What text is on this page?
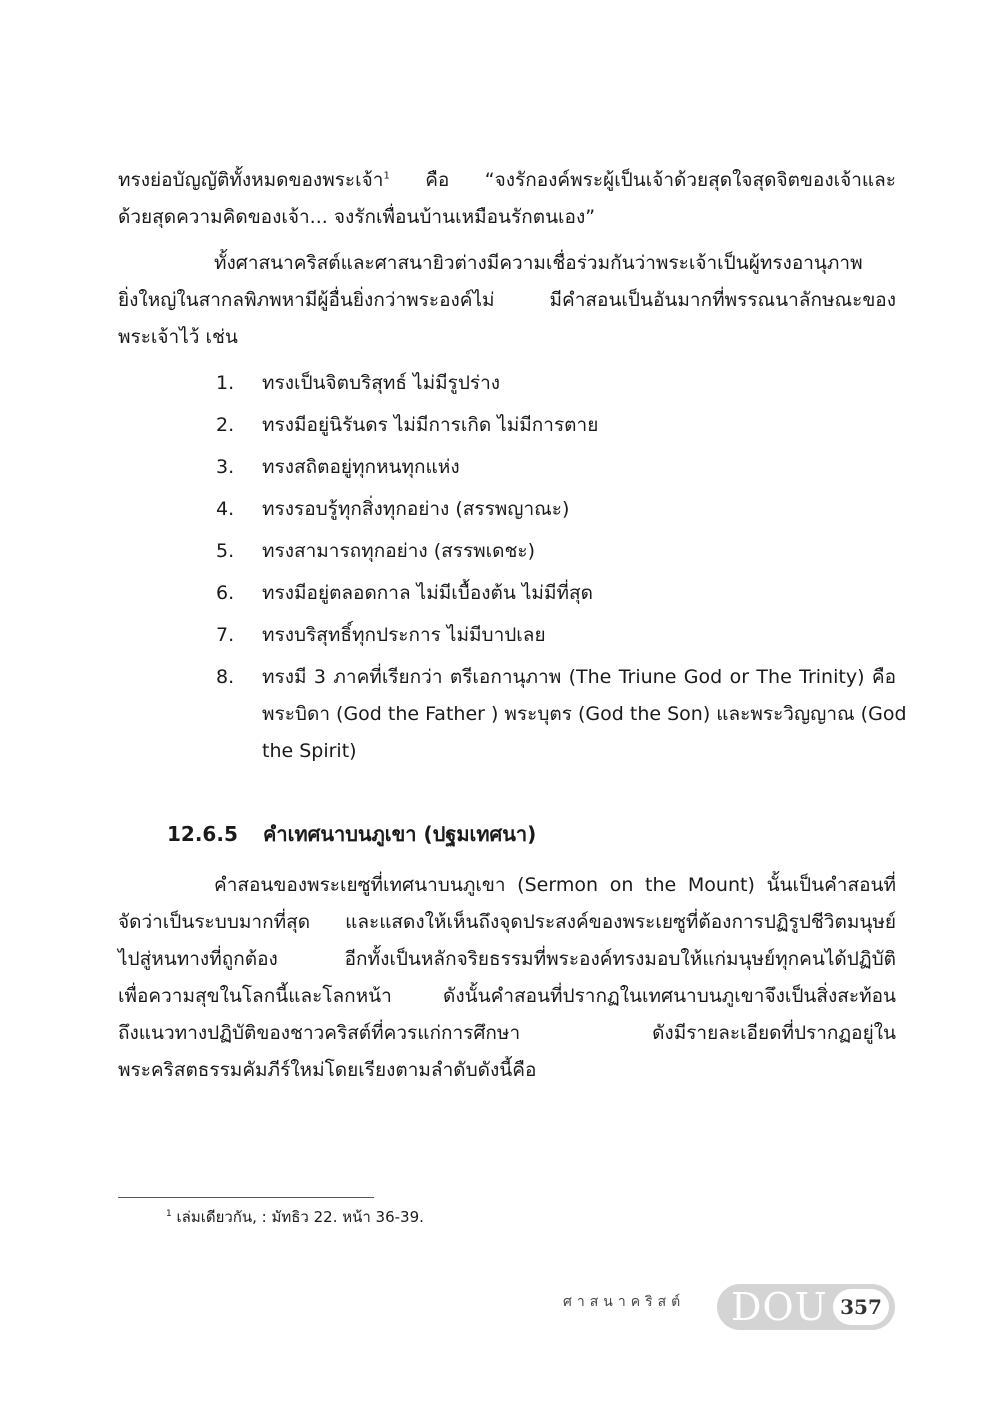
ทรงย่อบัญญัติทั้งหมดของพระเจ้า$^1$ คือ “จงรักองค์พระผู้เป็นเจ้าด้วยสุดใจสุดจิตของเจ้าและ
ด้วยสุดความคิดของเจ้า... จงรักเพื่อนบ้านเหมือนรักตนเอง”
ทั้งศาสนาคริสต์และศาสนายิวต่างมีความเชื่อร่วมกันว่าพระเจ้าเป็นผู้ทรงอานุภาพ
ยิ่งใหญ่ในสากลพิภพหามีผู้อื่นยิ่งกว่าพระองค์ไม่ มีคำสอนเป็นอันมากที่พรรณนาลักษณะของ
พระเจ้าไว้ เช่น
1. ทรงเป็นจิตบริสุทธ์ ไม่มีรูปร่าง
2. ทรงมีอยู่นิรันดร ไม่มีการเกิด ไม่มีการตาย
3. ทรงสถิตอยู่ทุกหนทุกแห่ง
4. ทรงรอบรู้ทุกสิ่งทุกอย่าง (สรรพญาณะ)
5. ทรงสามารถทุกอย่าง (สรรพเดชะ)
6. ทรงมีอยู่ตลอดกาล ไม่มีเบื้องต้น ไม่มีที่สุด
7. ทรงบริสุทธิ์ทุกประการ ไม่มีบาปเลย
8. ทรงมี 3 ภาคที่เรียกว่า ตรีเอกานุภาพ (The Triune God or The Trinity) คือ
พระบิดา (God the Father ) พระบุตร (God the Son) และพระวิญญาณ (God
the Spirit)
12.6.5 คำเทศนาบนภูเขา (ปฐมเทศนา)
คำสอนของพระเยซูที่เทศนาบนภูเขา (Sermon on the Mount) นั้นเป็นคำสอนที่
จัดว่าเป็นระบบมากที่สุด และแสดงให้เห็นถึงจุดประสงค์ของพระเยซูที่ต้องการปฏิรูปชีวิตมนุษย์
ไปสู่หนทางที่ถูกต้อง อีกทั้งเป็นหลักจริยธรรมที่พระองค์ทรงมอบให้แก่มนุษย์ทุกคนได้ปฏิบัติ
เพื่อความสุขในโลกนี้และโลกหน้า ดังนั้นคำสอนที่ปรากฏในเทศนาบนภูเขาจึงเป็นสิ่งสะท้อน
ถึงแนวทางปฏิบัติของชาวคริสต์ที่ควรแก่การศึกษา ดังมีรายละเอียดที่ปรากฏอยู่ใน
พระคริสตธรรมคัมภีร์ใหม่โดยเรียงตามลำดับดังนี้คือ
$^1$ เล่มเดียวกัน, : มัทธิว 22. หน้า 36-39.
ศาสนาคริสต์ DOU 357
